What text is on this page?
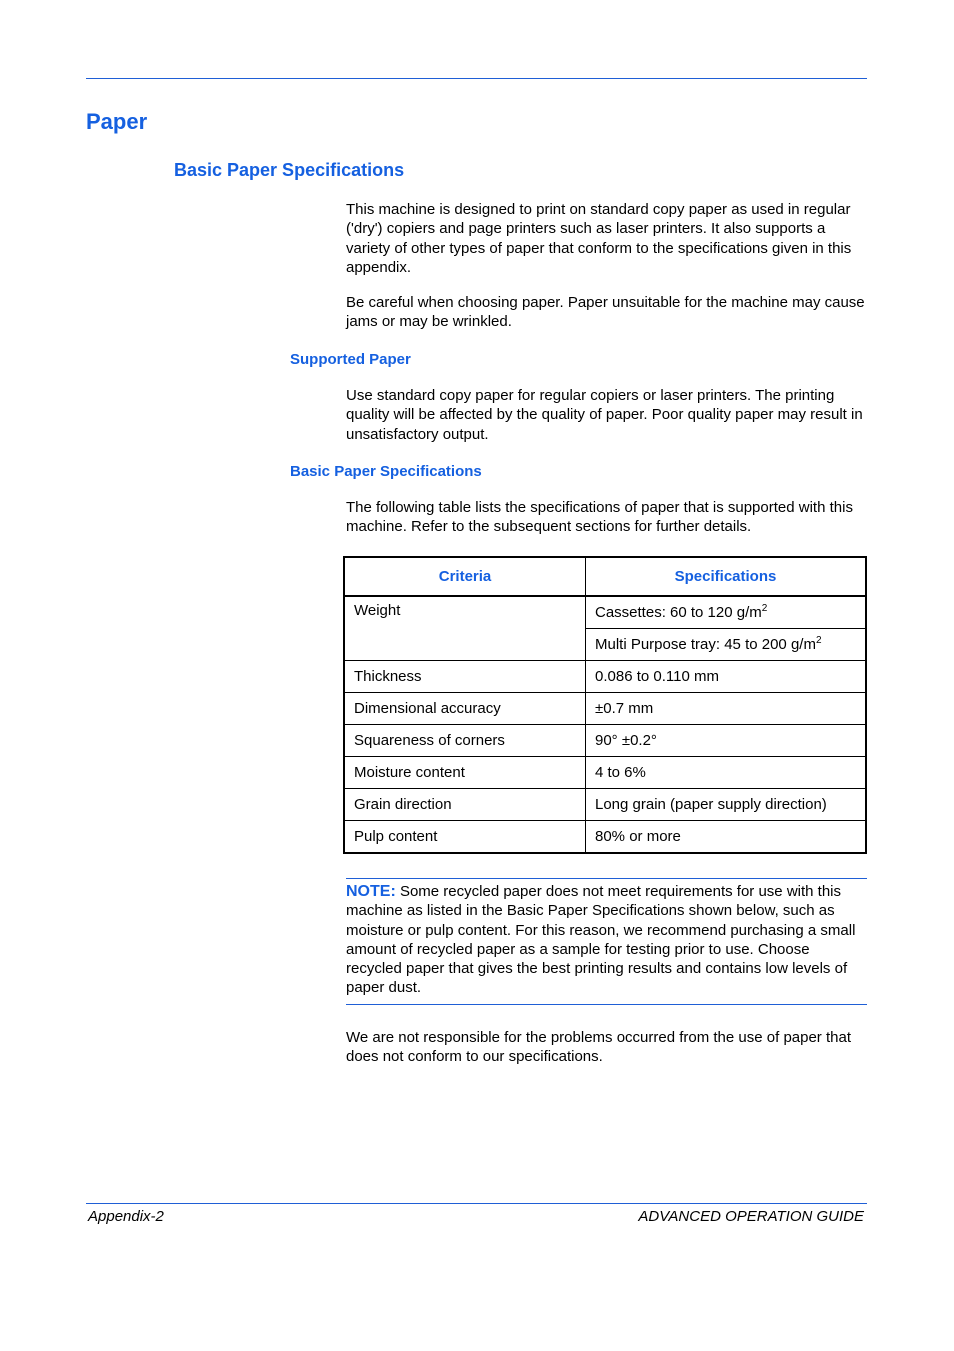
Paper
Basic Paper Specifications

This machine is designed to print on standard copy paper as used in regular ('dry') copiers and page printers such as laser printers. It also supports a variety of other types of paper that conform to the specifications given in this appendix.

Be careful when choosing paper. Paper unsuitable for the machine may cause jams or may be wrinkled.

Supported Paper

Use standard copy paper for regular copiers or laser printers. The printing quality will be affected by the quality of paper. Poor quality paper may result in unsatisfactory output.

Basic Paper Specifications

The following table lists the specifications of paper that is supported with this machine. Refer to the subsequent sections for further details.

Criteria	Specifications
Weight	Cassettes: 60 to 120 $g/m^2$
	Multi Purpose tray: 45 to 200 $g/m^2$
Thickness	0.086 to 0.110 mm
Dimensional accuracy	±0.7 mm
Squareness of corners	90° ±0.2°
Moisture content	4 to 6%
Grain direction	Long grain (paper supply direction)
Pulp content	80% or more
NOTE: Some recycled paper does not meet requirements for use with this machine as listed in the Basic Paper Specifications shown below, such as moisture or pulp content. For this reason, we recommend purchasing a small amount of recycled paper as a sample for testing prior to use. Choose recycled paper that gives the best printing results and contains low levels of paper dust.

We are not responsible for the problems occurred from the use of paper that does not conform to our specifications.

Appendix-2	ADVANCED OPERATION GUIDE
